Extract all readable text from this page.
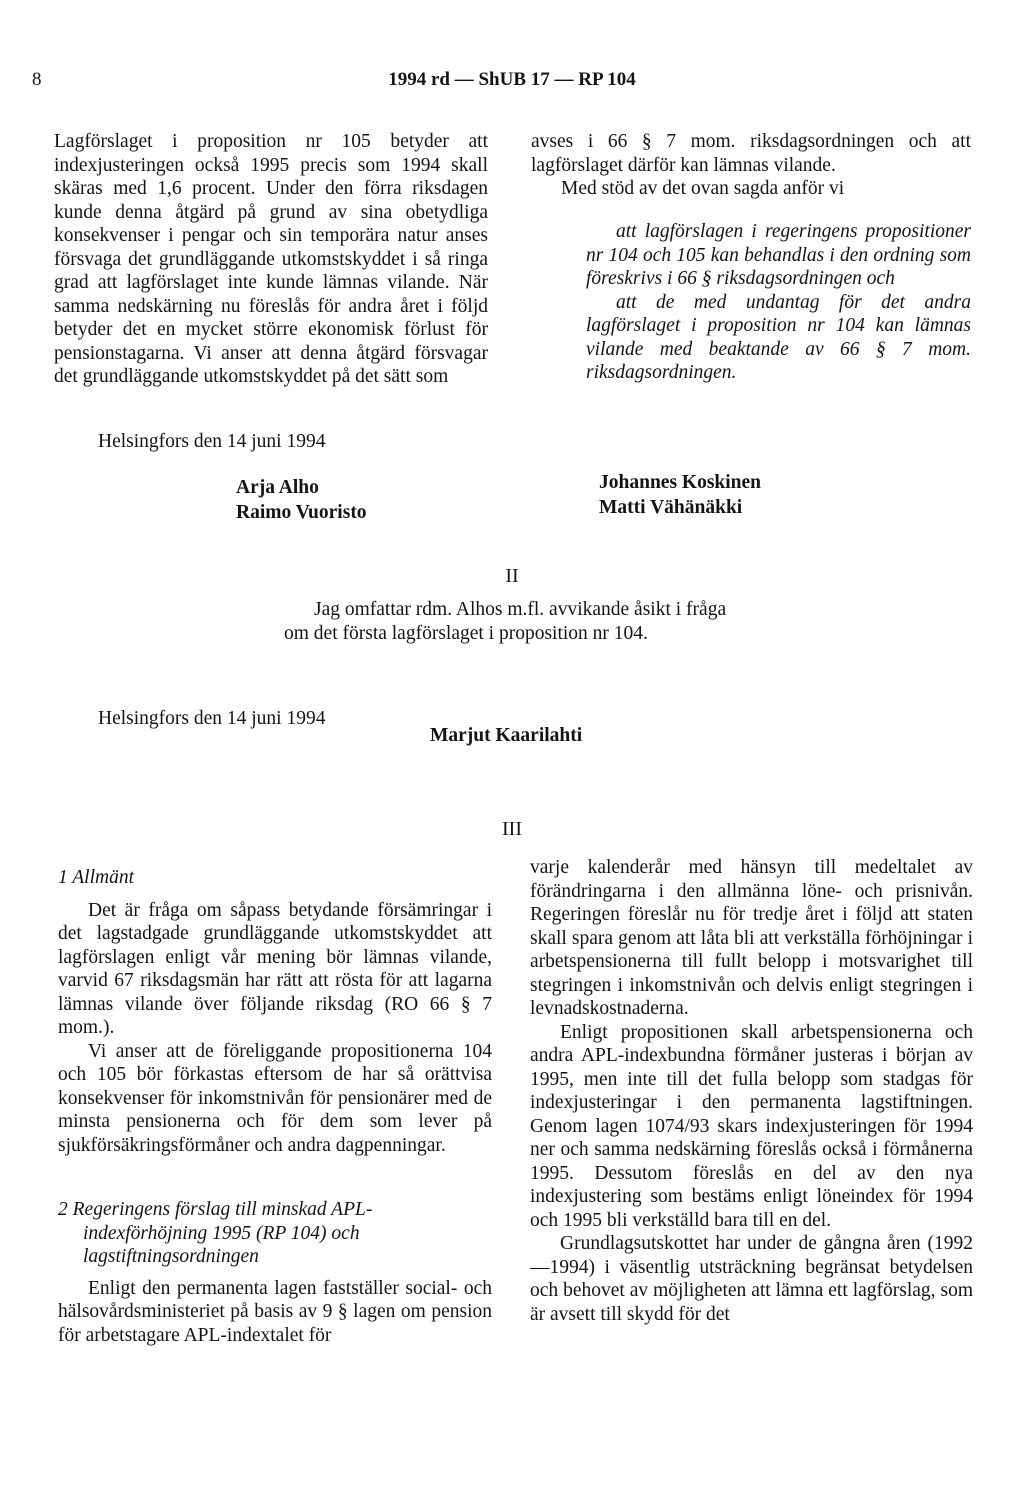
8	1994 rd — ShUB 17 — RP 104

Lagförslaget i proposition nr 105 betyder att indexjusteringen också 1995 precis som 1994 skall skäras med 1,6 procent. Under den förra riksdagen kunde denna åtgärd på grund av sina obetydliga konsekvenser i pengar och sin temporära natur anses försvaga det grundläggande utkomstskyddet i så ringa grad att lagförslaget inte kunde lämnas vilande. När samma nedskärning nu föreslås för andra året i följd betyder det en mycket större ekonomisk förlust för pensionstagarna. Vi anser att denna åtgärd försvagar det grundläggande utkomstskyddet på det sätt som

avses i 66 § 7 mom. riksdagsordningen och att lagförslaget därför kan lämnas vilande.

Med stöd av det ovan sagda anför vi

att lagförslagen i regeringens propositioner nr 104 och 105 kan behandlas i den ordning som föreskrivs i 66 § riksdagsordningen och

att de med undantag för det andra lagförslaget i proposition nr 104 kan lämnas vilande med beaktande av 66 § 7 mom. riksdagsordningen.

Helsingfors den 14 juni 1994
Arja Alho
Raimo Vuoristo
Johannes Koskinen
Matti Vähänäkki
II
Jag omfattar rdm. Alhos m.fl. avvikande åsikt i fråga om det första lagförslaget i proposition nr 104.
Helsingfors den 14 juni 1994
Marjut Kaarilahti
III
1 Allmänt

Det är fråga om såpass betydande försämringar i det lagstadgade grundläggande utkomstskyddet att lagförslagen enligt vår mening bör lämnas vilande, varvid 67 riksdagsmän har rätt att rösta för att lagarna lämnas vilande över följande riksdag (RO 66 § 7 mom.).

Vi anser att de föreliggande propositionerna 104 och 105 bör förkastas eftersom de har så orättvisa konsekvenser för inkomstnivån för pensionärer med de minsta pensionerna och för dem som lever på sjukförsäkringsförmåner och andra dagpenningar.

2 Regeringens förslag till minskad APL-indexförhöjning 1995 (RP 104) och lagstiftningsordningen

Enligt den permanenta lagen fastställer social- och hälsovårdsministeriet på basis av 9 § lagen om pension för arbetstagare APL-indextalet för

varje kalenderår med hänsyn till medeltalet av förändringarna i den allmänna löne- och prisnivån. Regeringen föreslår nu för tredje året i följd att staten skall spara genom att låta bli att verkställa förhöjningar i arbetspensionerna till fullt belopp i motsvarighet till stegringen i inkomstnivån och delvis enligt stegringen i levnadskostnaderna.

Enligt propositionen skall arbetspensionerna och andra APL-indexbundna förmåner justeras i början av 1995, men inte till det fulla belopp som stadgas för indexjusteringar i den permanenta lagstiftningen. Genom lagen 1074/93 skars indexjusteringen för 1994 ner och samma nedskärning föreslås också i förmånerna 1995. Dessutom föreslås en del av den nya indexjustering som bestäms enligt löneindex för 1994 och 1995 bli verkställd bara till en del.

Grundlagsutskottet har under de gångna åren (1992—1994) i väsentlig utsträckning begränsat betydelsen och behovet av möjligheten att lämna ett lagförslag, som är avsett till skydd för det
